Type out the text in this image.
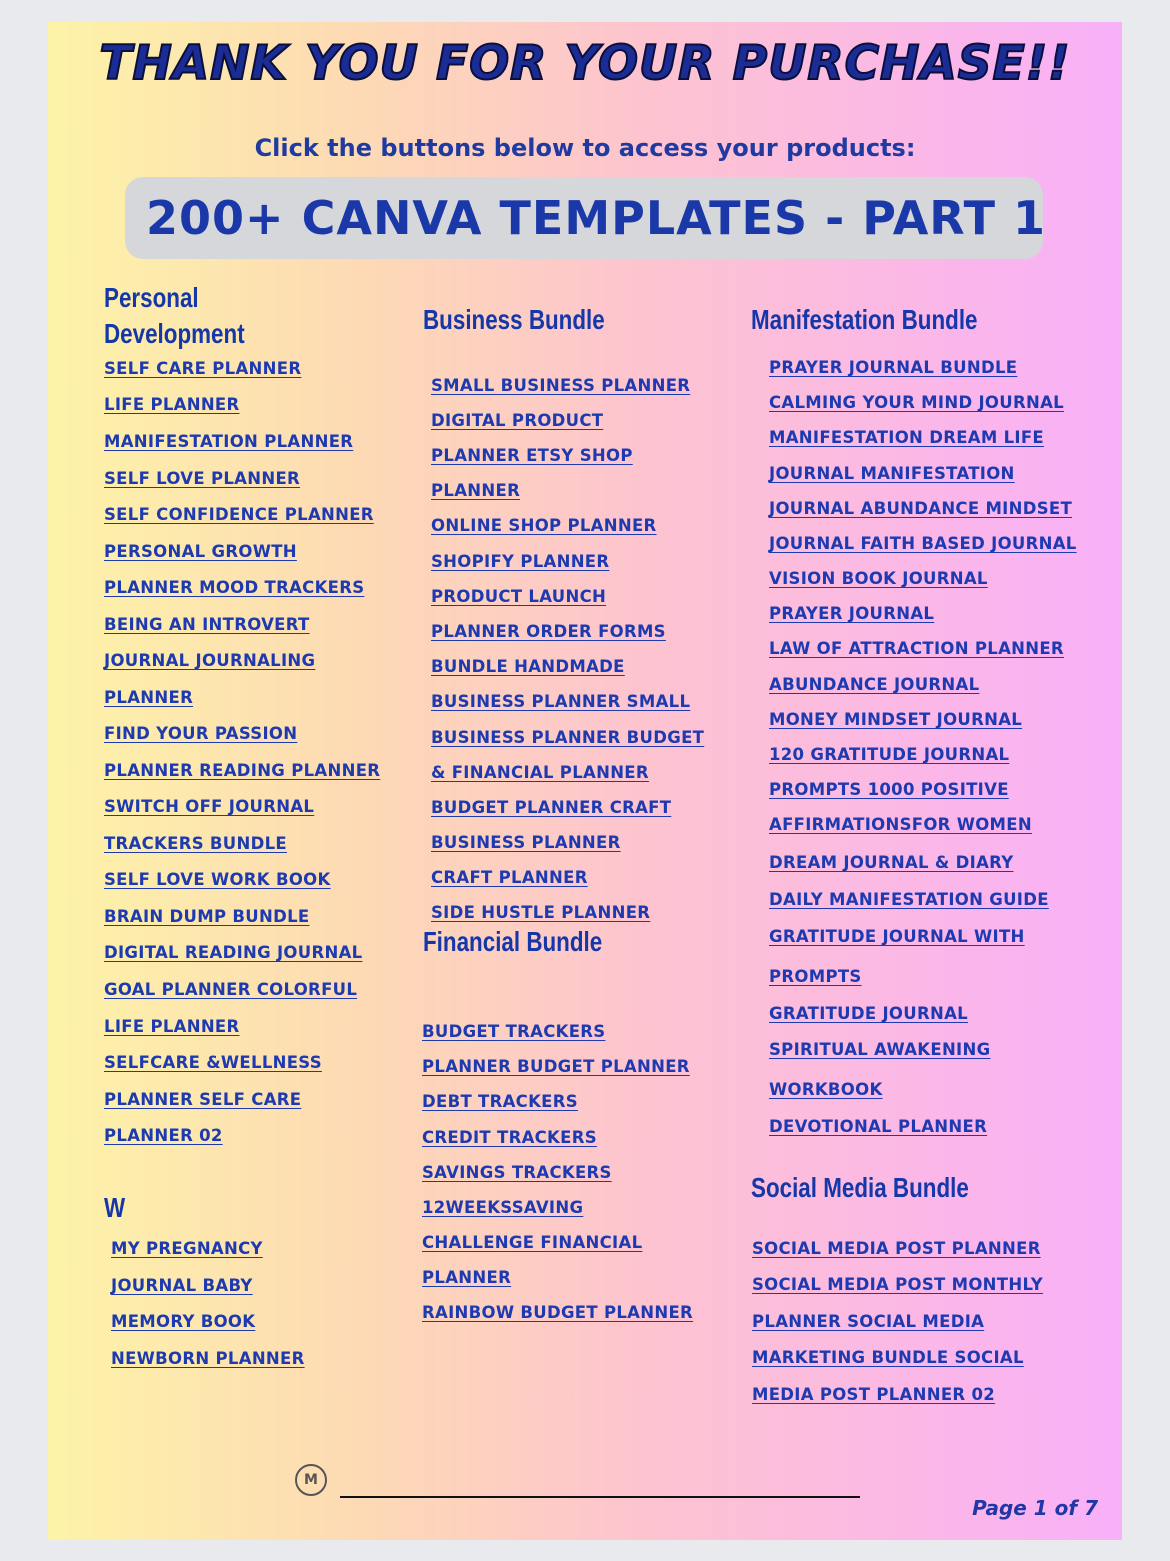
THANK YOU FOR YOUR PURCHASE!!
Click the buttons below to access your products:
200+ CANVA TEMPLATES - PART 1
Personal
Development
SELF CARE PLANNER
LIFE PLANNER
MANIFESTATION PLANNER
SELF LOVE PLANNER
SELF CONFIDENCE PLANNER
PERSONAL GROWTH
PLANNER MOOD TRACKERS
BEING AN INTROVERT
JOURNAL JOURNALING
PLANNER
FIND YOUR PASSION
PLANNER READING PLANNER
SWITCH OFF JOURNAL
TRACKERS BUNDLE
SELF LOVE WORK BOOK
BRAIN DUMP BUNDLE
DIGITAL READING JOURNAL
GOAL PLANNER COLORFUL
LIFE PLANNER
SELFCARE &WELLNESS
PLANNER SELF CARE
PLANNER 02
W
MY PREGNANCY
JOURNAL BABY
MEMORY BOOK
NEWBORN PLANNER
Business Bundle
SMALL BUSINESS PLANNER
DIGITAL PRODUCT
PLANNER ETSY SHOP
PLANNER
ONLINE SHOP PLANNER
SHOPIFY PLANNER
PRODUCT LAUNCH
PLANNER ORDER FORMS
BUNDLE HANDMADE
BUSINESS PLANNER SMALL
BUSINESS PLANNER BUDGET
& FINANCIAL PLANNER
BUDGET PLANNER CRAFT
BUSINESS PLANNER
CRAFT PLANNER
SIDE HUSTLE PLANNER
Financial Bundle
BUDGET TRACKERS
PLANNER BUDGET PLANNER
DEBT TRACKERS
CREDIT TRACKERS
SAVINGS TRACKERS
12WEEKSSAVING
CHALLENGE FINANCIAL
PLANNER
RAINBOW BUDGET PLANNER
Manifestation Bundle
PRAYER JOURNAL BUNDLE
CALMING YOUR MIND JOURNAL
MANIFESTATION DREAM LIFE
JOURNAL MANIFESTATION
JOURNAL ABUNDANCE MINDSET
JOURNAL FAITH BASED JOURNAL
VISION BOOK JOURNAL
PRAYER JOURNAL
LAW OF ATTRACTION PLANNER
ABUNDANCE JOURNAL
MONEY MINDSET JOURNAL
120 GRATITUDE JOURNAL
PROMPTS 1000 POSITIVE
AFFIRMATIONSFOR WOMEN
DREAM JOURNAL & DIARY
DAILY MANIFESTATION GUIDE
GRATITUDE JOURNAL WITH
PROMPTS
GRATITUDE JOURNAL
SPIRITUAL AWAKENING
WORKBOOK
DEVOTIONAL PLANNER
Social Media Bundle
SOCIAL MEDIA POST PLANNER
SOCIAL MEDIA POST MONTHLY
PLANNER SOCIAL MEDIA
MARKETING BUNDLE SOCIAL
MEDIA POST PLANNER 02
M
Page 1 of 7
